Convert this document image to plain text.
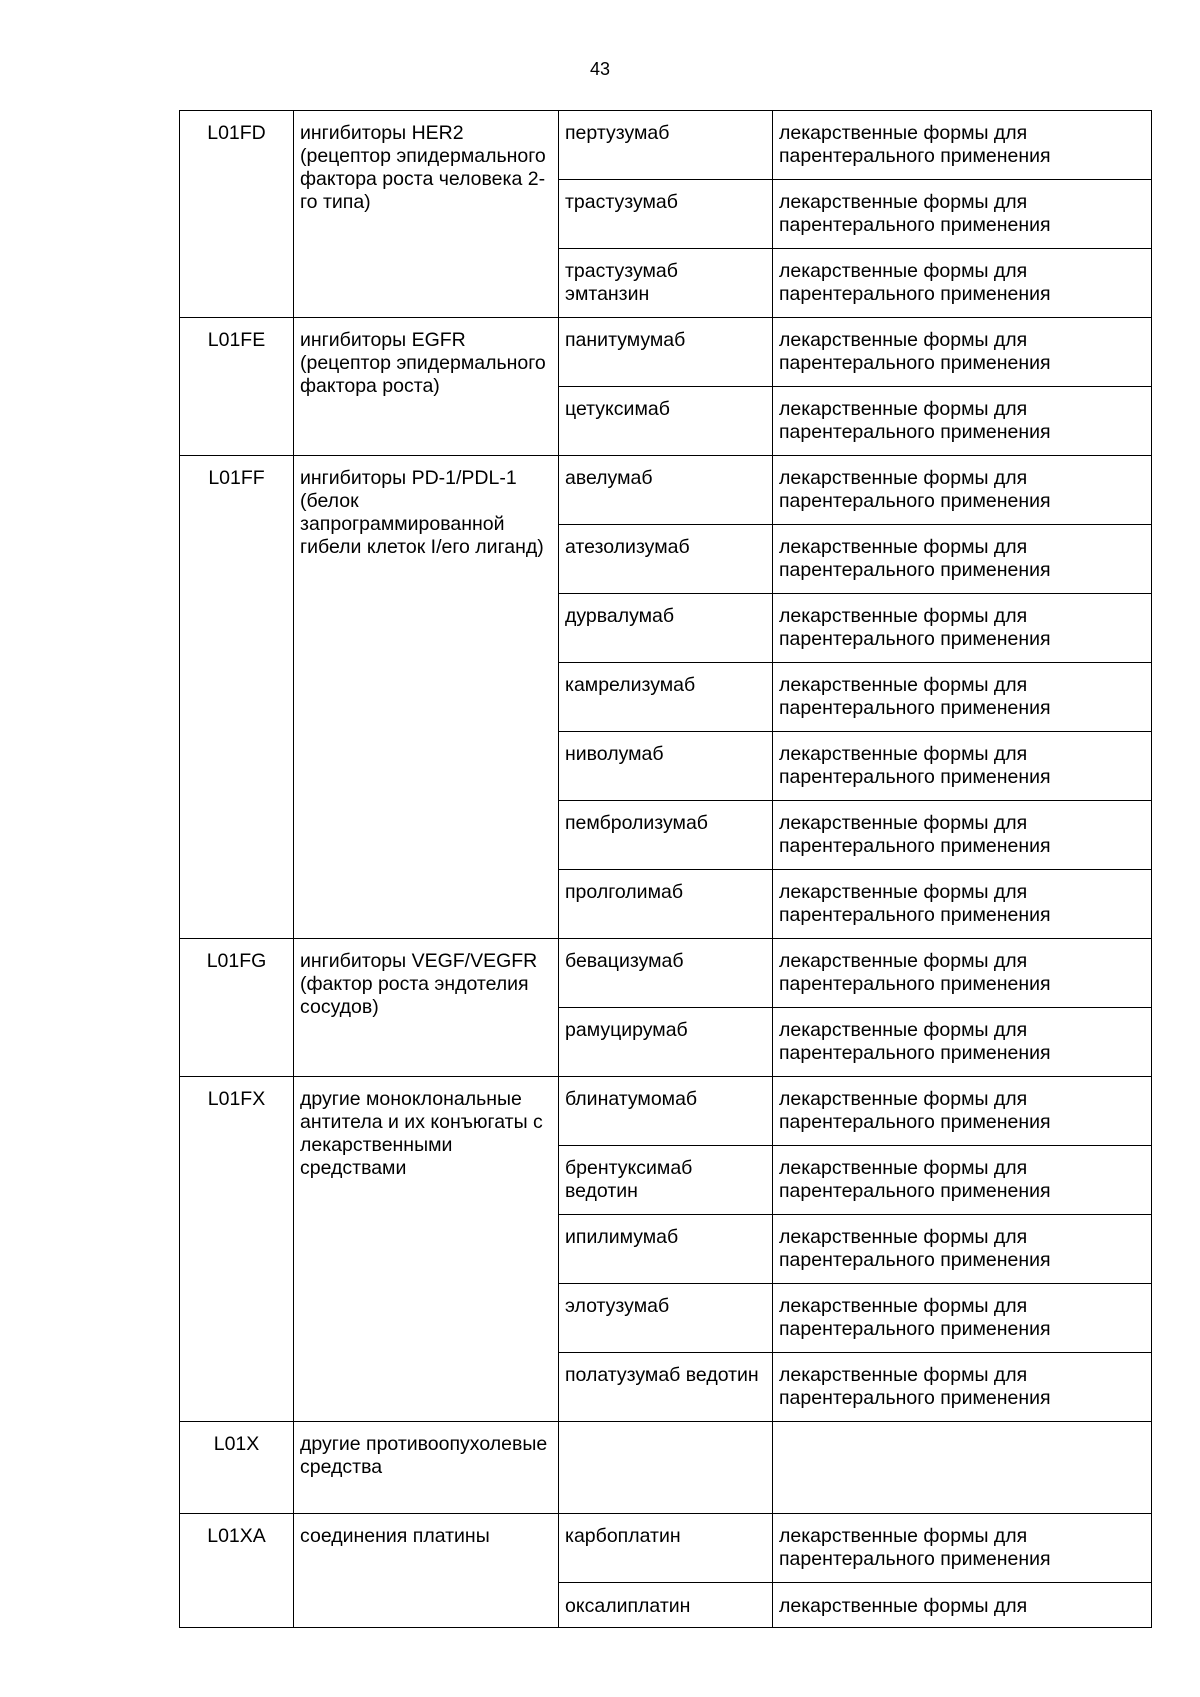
43
L01FD	ингибиторы HER2 (рецептор эпидермального фактора роста человека 2-го типа)	пертузумаб	лекарственные формы для парентерального применения
		трастузумаб	лекарственные формы для парентерального применения
		трастузумаб эмтанзин	лекарственные формы для парентерального применения
L01FE	ингибиторы EGFR (рецептор эпидермального фактора роста)	панитумумаб	лекарственные формы для парентерального применения
		цетуксимаб	лекарственные формы для парентерального применения
L01FF	ингибиторы PD-1/PDL-1 (белок запрограммированной гибели клеток I/его лиганд)	авелумаб	лекарственные формы для парентерального применения
		атезолизумаб	лекарственные формы для парентерального применения
		дурвалумаб	лекарственные формы для парентерального применения
		камрелизумаб	лекарственные формы для парентерального применения
		ниволумаб	лекарственные формы для парентерального применения
		пембролизумаб	лекарственные формы для парентерального применения
		пролголимаб	лекарственные формы для парентерального применения
L01FG	ингибиторы VEGF/VEGFR (фактор роста эндотелия сосудов)	бевацизумаб	лекарственные формы для парентерального применения
		рамуцирумаб	лекарственные формы для парентерального применения
L01FX	другие моноклональные антитела и их конъюгаты с лекарственными средствами	блинатумомаб	лекарственные формы для парентерального применения
		брентуксимаб ведотин	лекарственные формы для парентерального применения
		ипилимумаб	лекарственные формы для парентерального применения
		элотузумаб	лекарственные формы для парентерального применения
		полатузумаб ведотин	лекарственные формы для парентерального применения
L01X	другие противоопухолевые средства		
L01XA	соединения платины	карбоплатин	лекарственные формы для парентерального применения
		оксалиплатин	лекарственные формы для
